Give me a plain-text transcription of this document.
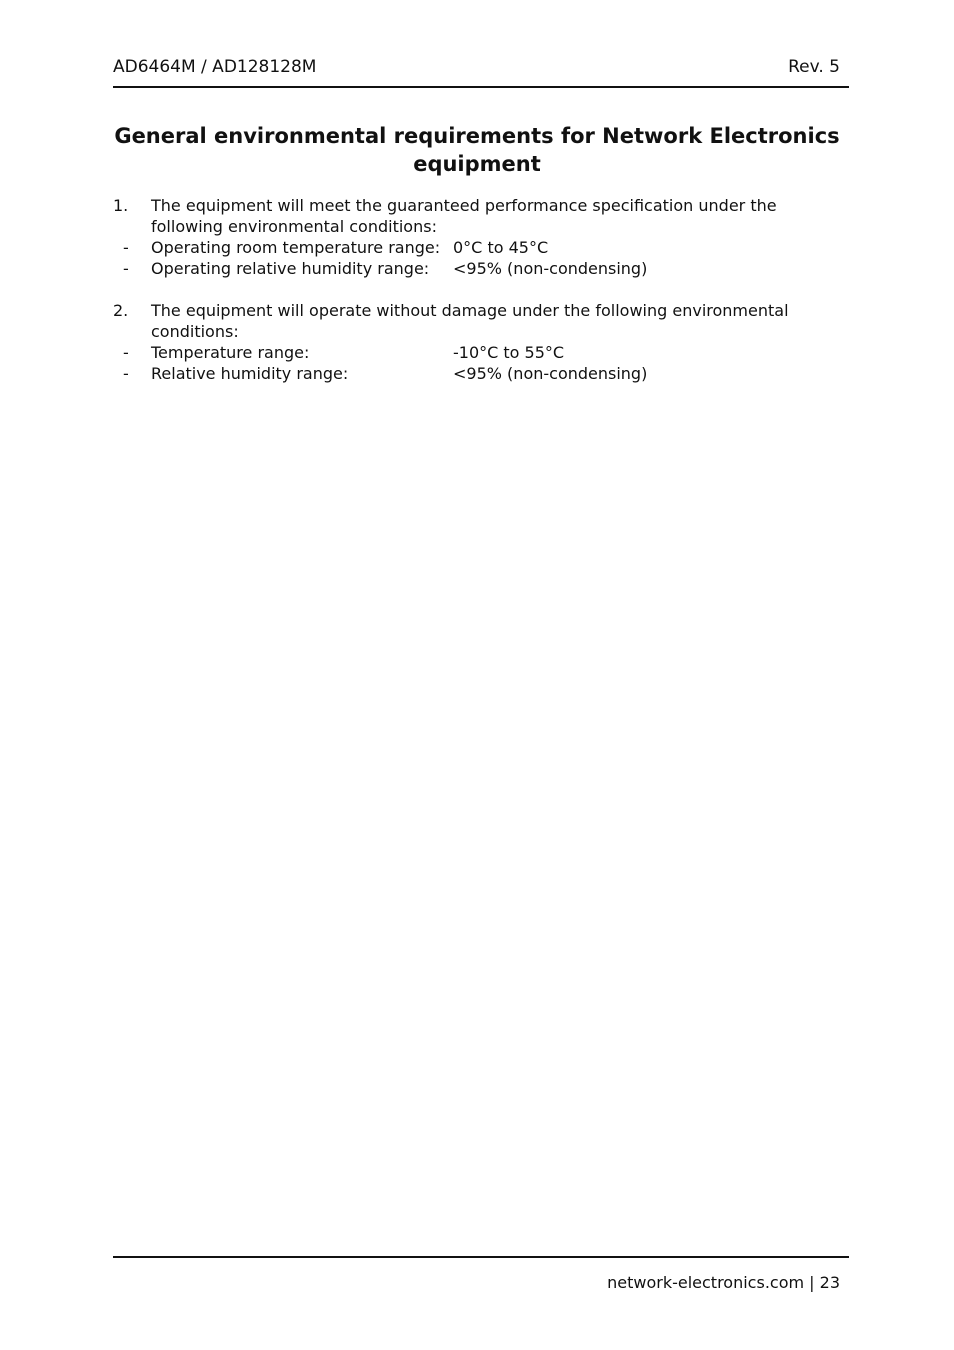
AD6464M / AD128128M	Rev. 5
General environmental requirements for Network Electronics equipment
1.	The equipment will meet the guaranteed performance specification under the following environmental conditions:
-	Operating room temperature range: 0°C to 45°C
-	Operating relative humidity range:	<95% (non-condensing)
2.	The equipment will operate without damage under the following environmental conditions:
-	Temperature range:	-10°C to 55°C
-	Relative humidity range:	<95% (non-condensing)
network-electronics.com | 23
